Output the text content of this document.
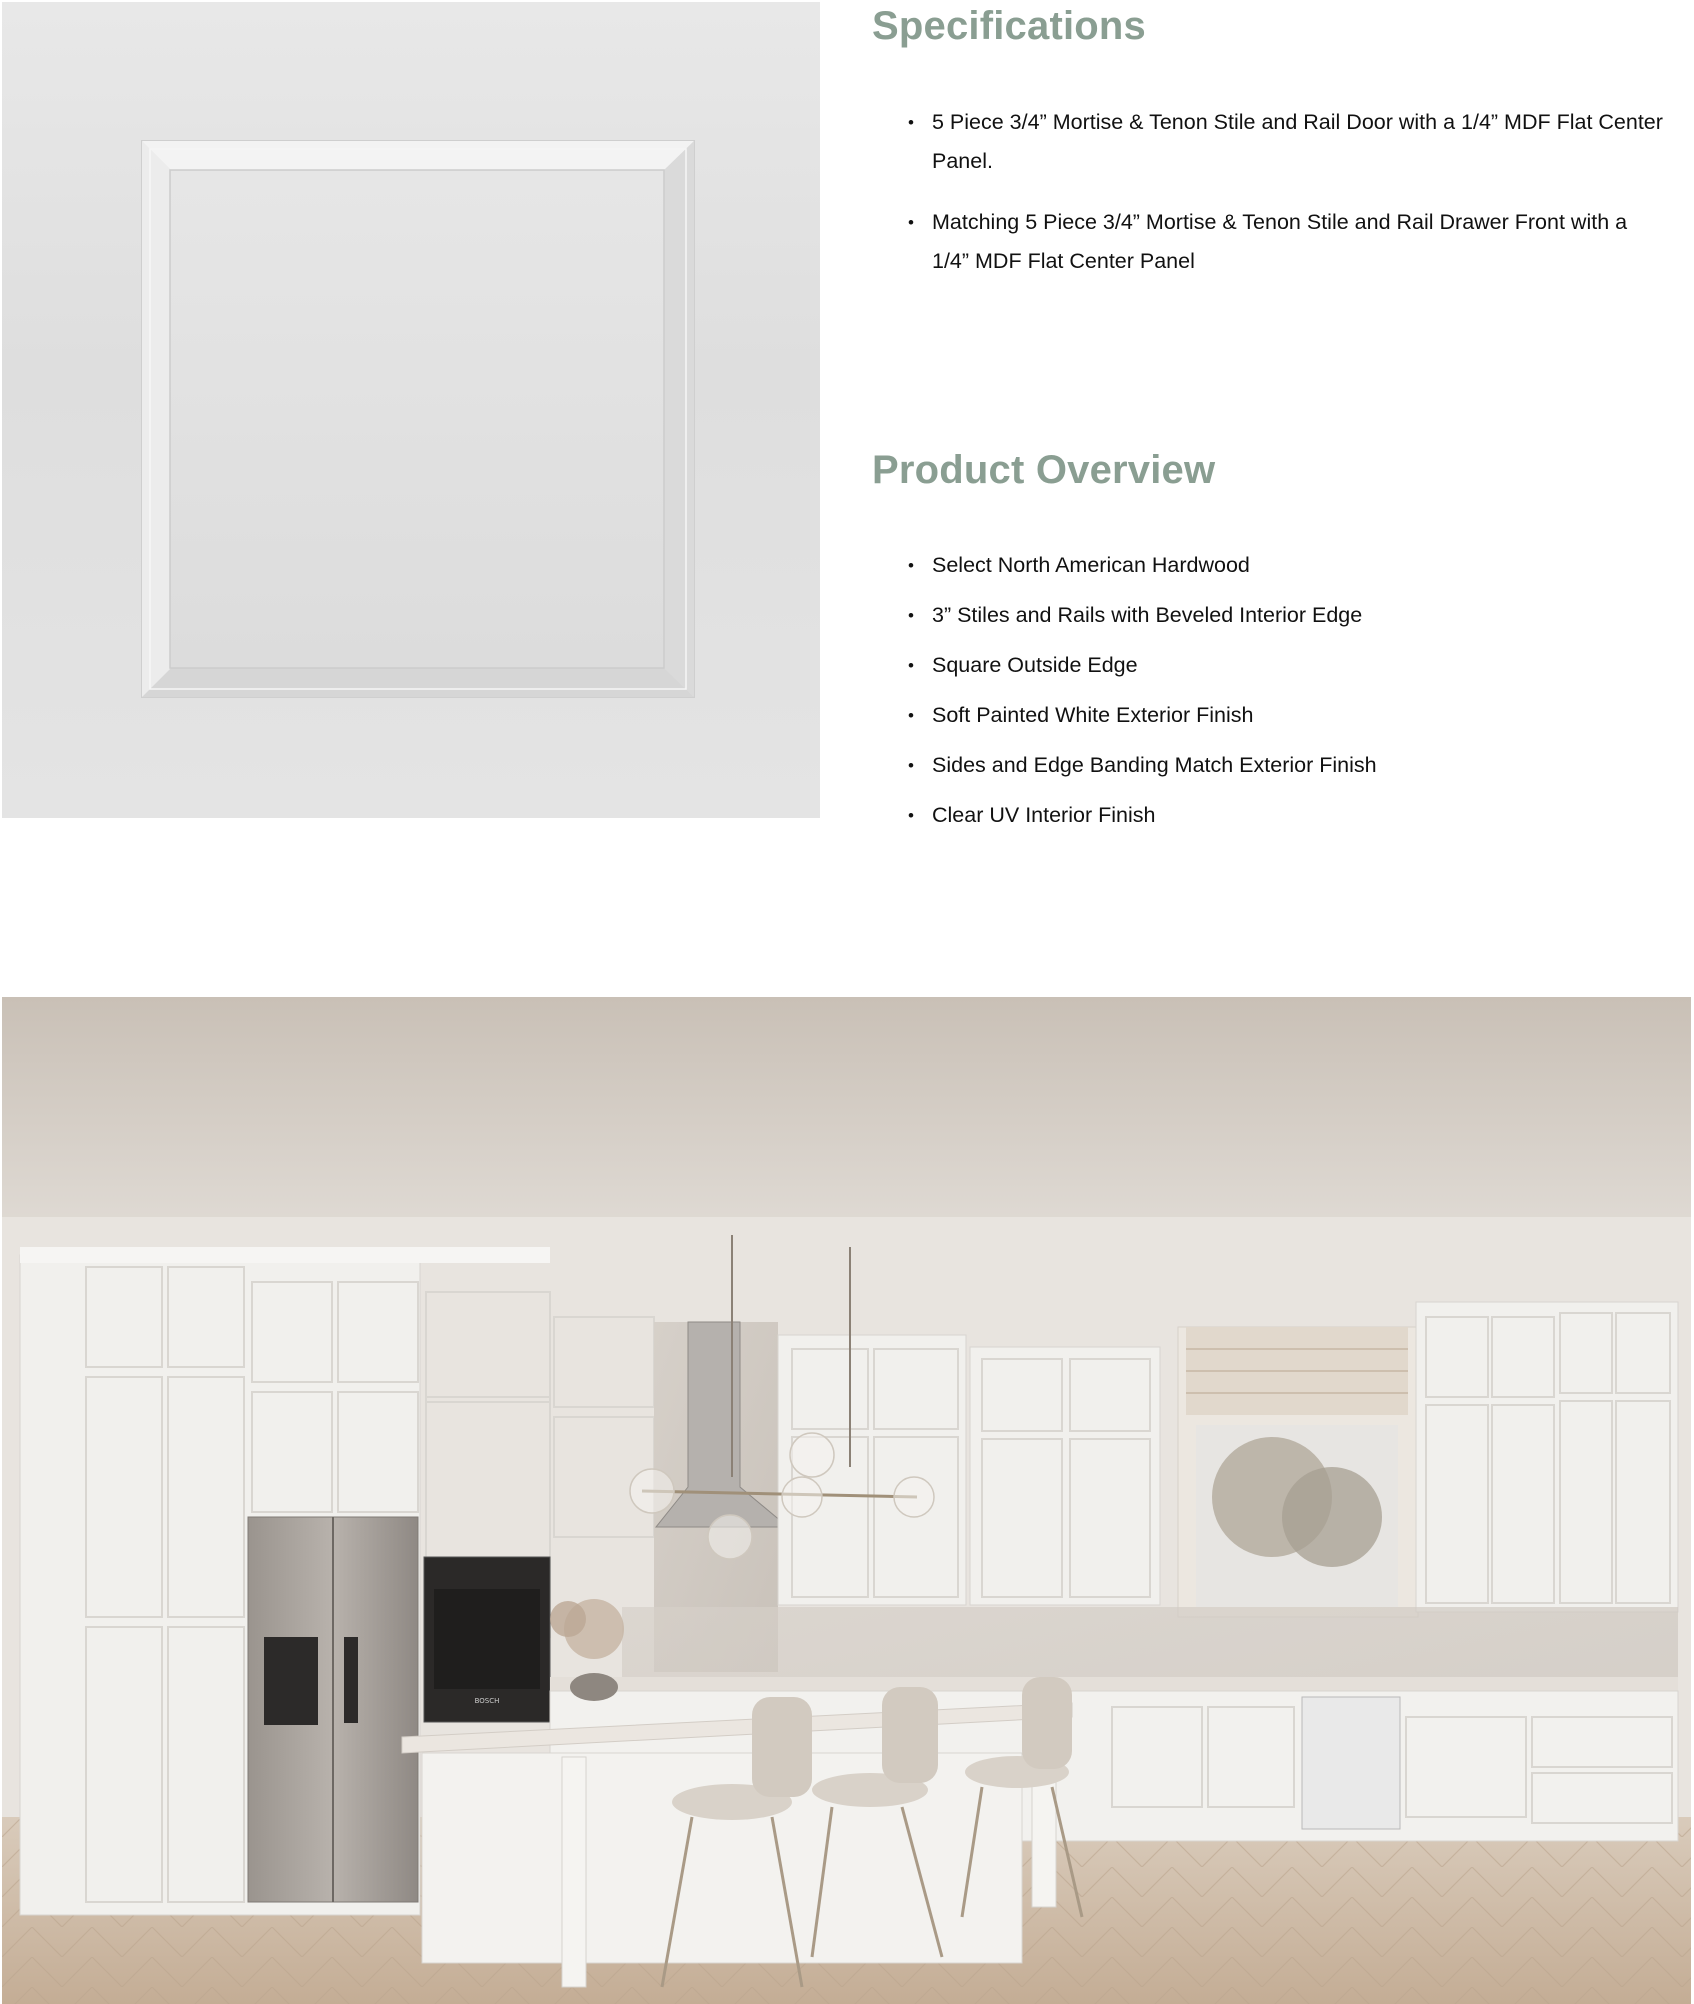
Specifications
• 5 Piece 3/4” Mortise & Tenon Stile and Rail Door with a 1/4” MDF Flat Center Panel.
• Matching 5 Piece 3/4” Mortise & Tenon Stile and Rail Drawer Front with a 1/4” MDF Flat Center Panel
Product Overview
• Select North American Hardwood
• 3” Stiles and Rails with Beveled Interior Edge
• Square Outside Edge
• Soft Painted White Exterior Finish
• Sides and Edge Banding Match Exterior Finish
• Clear UV Interior Finish
BOSCH
